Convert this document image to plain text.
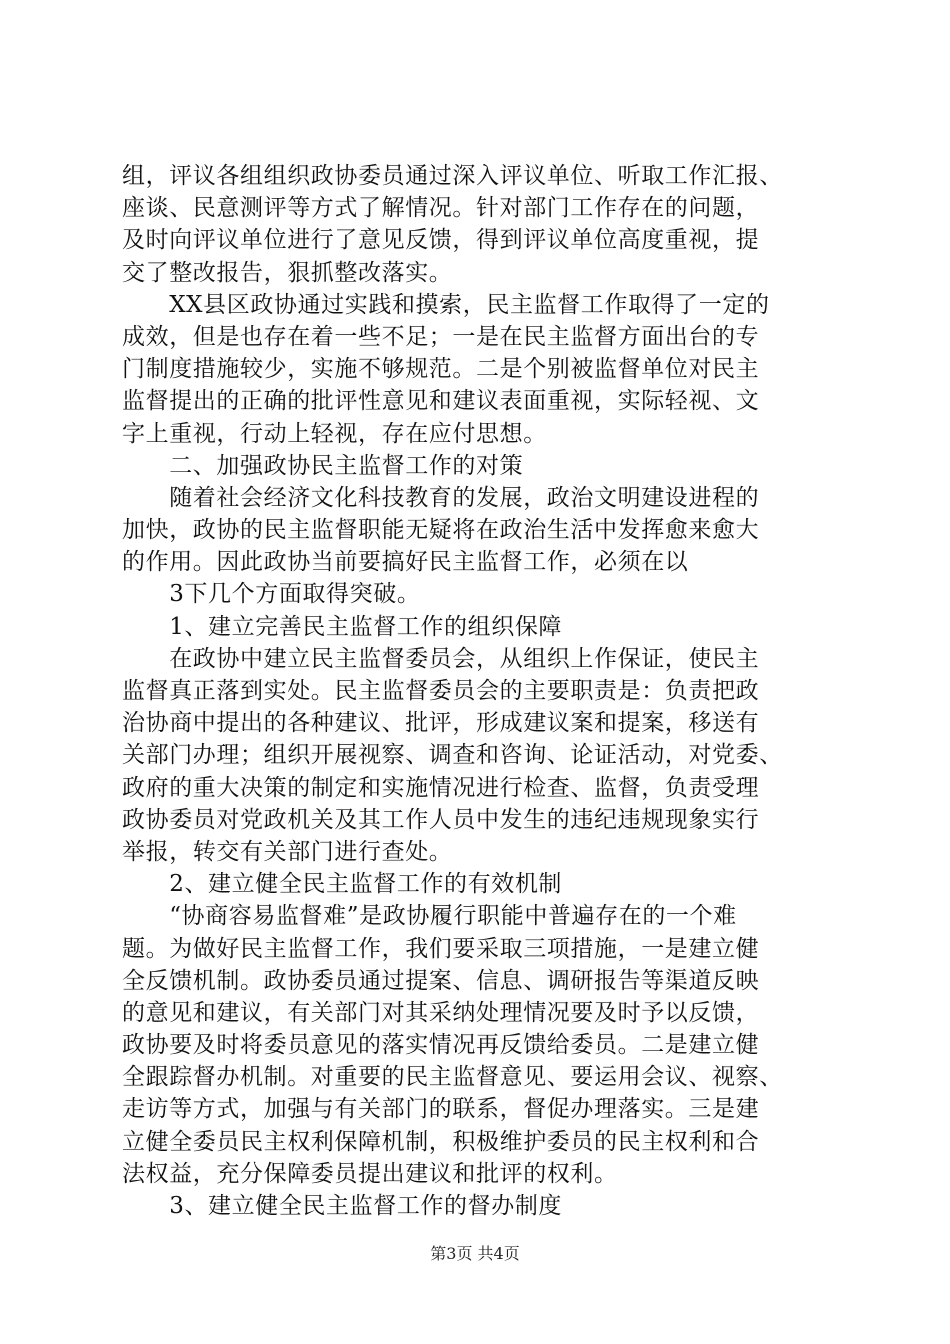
组，评议各组组织政协委员通过深入评议单位、听取工作汇报、
座谈、民意测评等方式了解情况。针对部门工作存在的问题，
及时向评议单位进行了意见反馈，得到评议单位高度重视，提
交了整改报告，狠抓整改落实。
　　XX县区政协通过实践和摸索，民主监督工作取得了一定的
成效，但是也存在着一些不足；一是在民主监督方面出台的专
门制度措施较少，实施不够规范。二是个别被监督单位对民主
监督提出的正确的批评性意见和建议表面重视，实际轻视、文
字上重视，行动上轻视，存在应付思想。
　　二、加强政协民主监督工作的对策
　　随着社会经济文化科技教育的发展，政治文明建设进程的
加快，政协的民主监督职能无疑将在政治生活中发挥愈来愈大
的作用。因此政协当前要搞好民主监督工作，必须在以
　　3下几个方面取得突破。
　　1、建立完善民主监督工作的组织保障
　　在政协中建立民主监督委员会，从组织上作保证，使民主
监督真正落到实处。民主监督委员会的主要职责是：负责把政
治协商中提出的各种建议、批评，形成建议案和提案，移送有
关部门办理；组织开展视察、调查和咨询、论证活动，对党委、
政府的重大决策的制定和实施情况进行检查、监督，负责受理
政协委员对党政机关及其工作人员中发生的违纪违规现象实行
举报，转交有关部门进行查处。
　　2、建立健全民主监督工作的有效机制
　　“协商容易监督难”是政协履行职能中普遍存在的一个难
题。为做好民主监督工作，我们要采取三项措施，一是建立健
全反馈机制。政协委员通过提案、信息、调研报告等渠道反映
的意见和建议，有关部门对其采纳处理情况要及时予以反馈，
政协要及时将委员意见的落实情况再反馈给委员。二是建立健
全跟踪督办机制。对重要的民主监督意见、要运用会议、视察、
走访等方式，加强与有关部门的联系，督促办理落实。三是建
立健全委员民主权利保障机制，积极维护委员的民主权利和合
法权益，充分保障委员提出建议和批评的权利。
　　3、建立健全民主监督工作的督办制度
第3页 共4页
